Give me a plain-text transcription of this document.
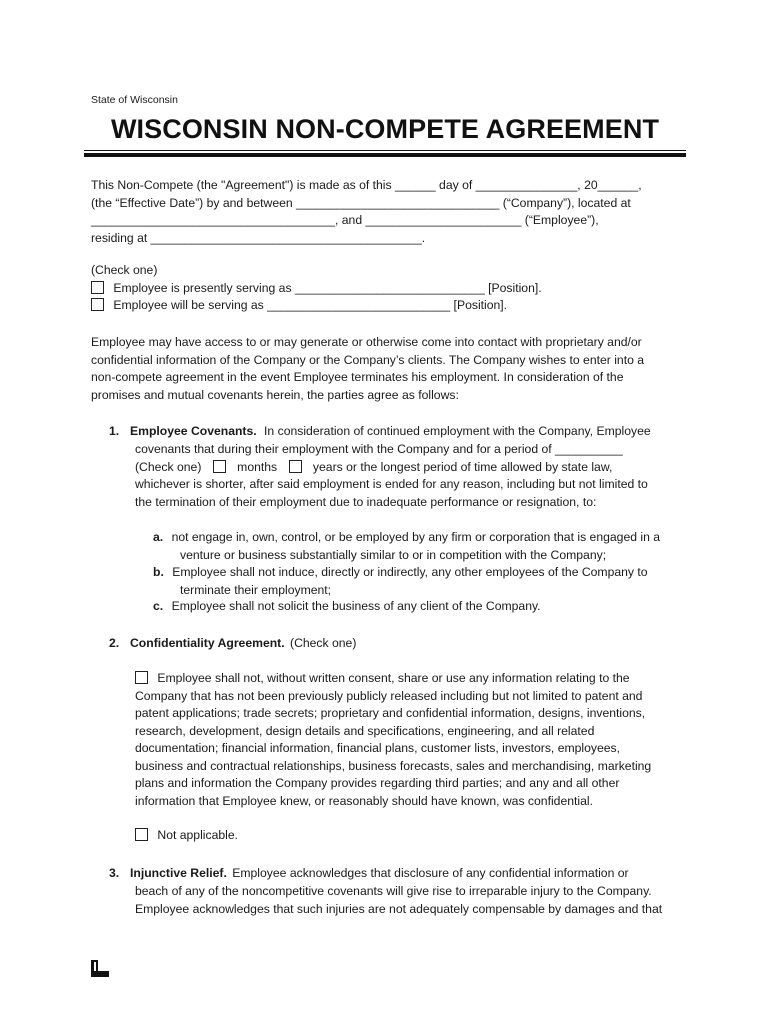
State of Wisconsin
WISCONSIN NON-COMPETE AGREEMENT
This Non-Compete (the "Agreement") is made as of this ______ day of _______________, 20______,
(the “Effective Date”) by and between ______________________________ (“Company”), located at
____________________________________, and _______________________ (“Employee”),
residing at ________________________________________.
(Check one)
Employee is presently serving as ____________________________ [Position].
Employee will be serving as ___________________________ [Position].
Employee may have access to or may generate or otherwise come into contact with proprietary and/or
confidential information of the Company or the Company’s clients. The Company wishes to enter into a
non-compete agreement in the event Employee terminates his employment. In consideration of the
promises and mutual covenants herein, the parties agree as follows:
1. Employee Covenants. In consideration of continued employment with the Company, Employee
covenants that during their employment with the Company and for a period of __________
(Check one)	months	years or the longest period of time allowed by state law,
whichever is shorter, after said employment is ended for any reason, including but not limited to
the termination of their employment due to inadequate performance or resignation, to:
a. not engage in, own, control, or be employed by any firm or corporation that is engaged in a
venture or business substantially similar to or in competition with the Company;
b. Employee shall not induce, directly or indirectly, any other employees of the Company to
terminate their employment;
c. Employee shall not solicit the business of any client of the Company.
2. Confidentiality Agreement. (Check one)
Employee shall not, without written consent, share or use any information relating to the
Company that has not been previously publicly released including but not limited to patent and
patent applications; trade secrets; proprietary and confidential information, designs, inventions,
research, development, design details and specifications, engineering, and all related
documentation; financial information, financial plans, customer lists, investors, employees,
business and contractual relationships, business forecasts, sales and merchandising, marketing
plans and information the Company provides regarding third parties; and any and all other
information that Employee knew, or reasonably should have known, was confidential.
Not applicable.
3. Injunctive Relief. Employee acknowledges that disclosure of any confidential information or
beach of any of the noncompetitive covenants will give rise to irreparable injury to the Company.
Employee acknowledges that such injuries are not adequately compensable by damages and that
